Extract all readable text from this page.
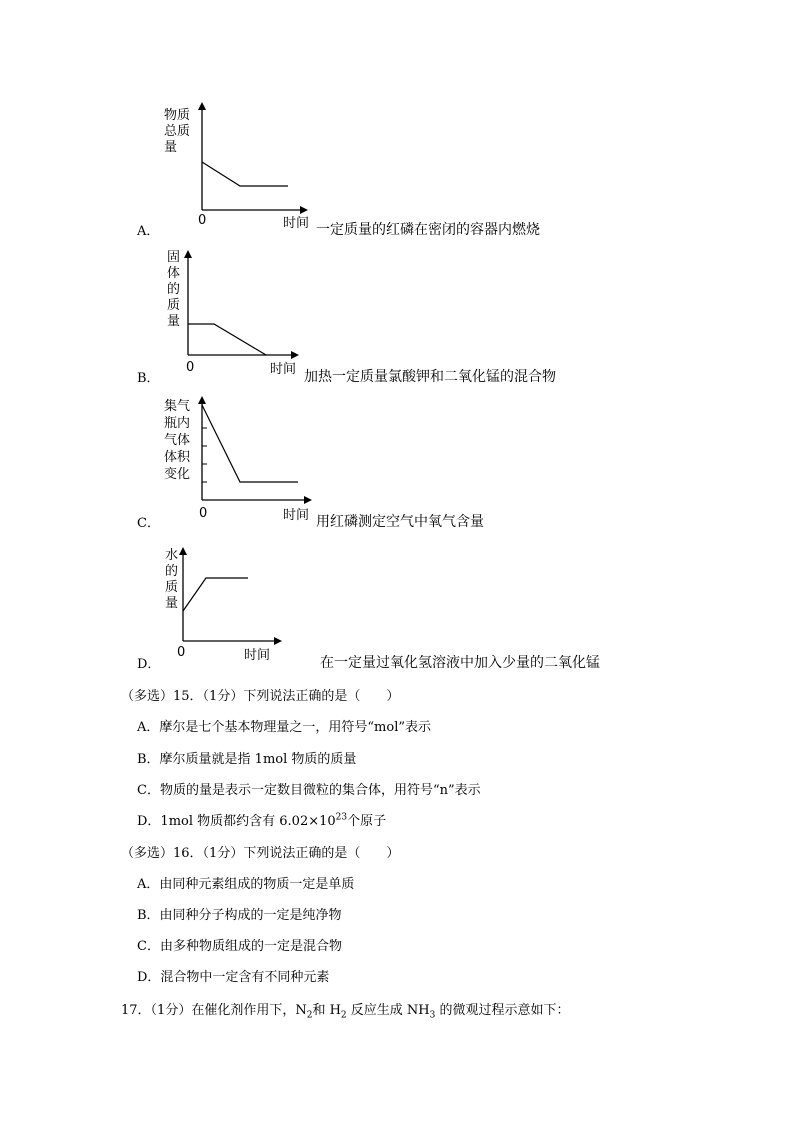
物质
总质
量
0	时间
A．	一定质量的红磷在密闭的容器内燃烧
固
体
的
质
量
0	时间
B．	加热一定质量氯酸钾和二氧化锰的混合物
集气
瓶内
气体
体积
变化
0	时间
C．	用红磷测定空气中氧气含量
水
的
质
量
0	时间
D．	在一定量过氧化氢溶液中加入少量的二氧化锰
（多选）15．（1分）下列说法正确的是（　　）
A．摩尔是七个基本物理量之一，用符号“mol”表示
B．摩尔质量就是指 1mol 物质的质量
C．物质的量是表示一定数目微粒的集合体，用符号“n”表示
D．1mol 物质都约含有 $6.02\times 10^{23}$个原子
（多选）16．（1分）下列说法正确的是（　　）
A．由同种元素组成的物质一定是单质
B．由同种分子构成的一定是纯净物
C．由多种物质组成的一定是混合物
D．混合物中一定含有不同种元素
17．（1分）在催化剂作用下，$N_2$和 $H_2$ 反应生成 $NH_3$ 的微观过程示意如下：
